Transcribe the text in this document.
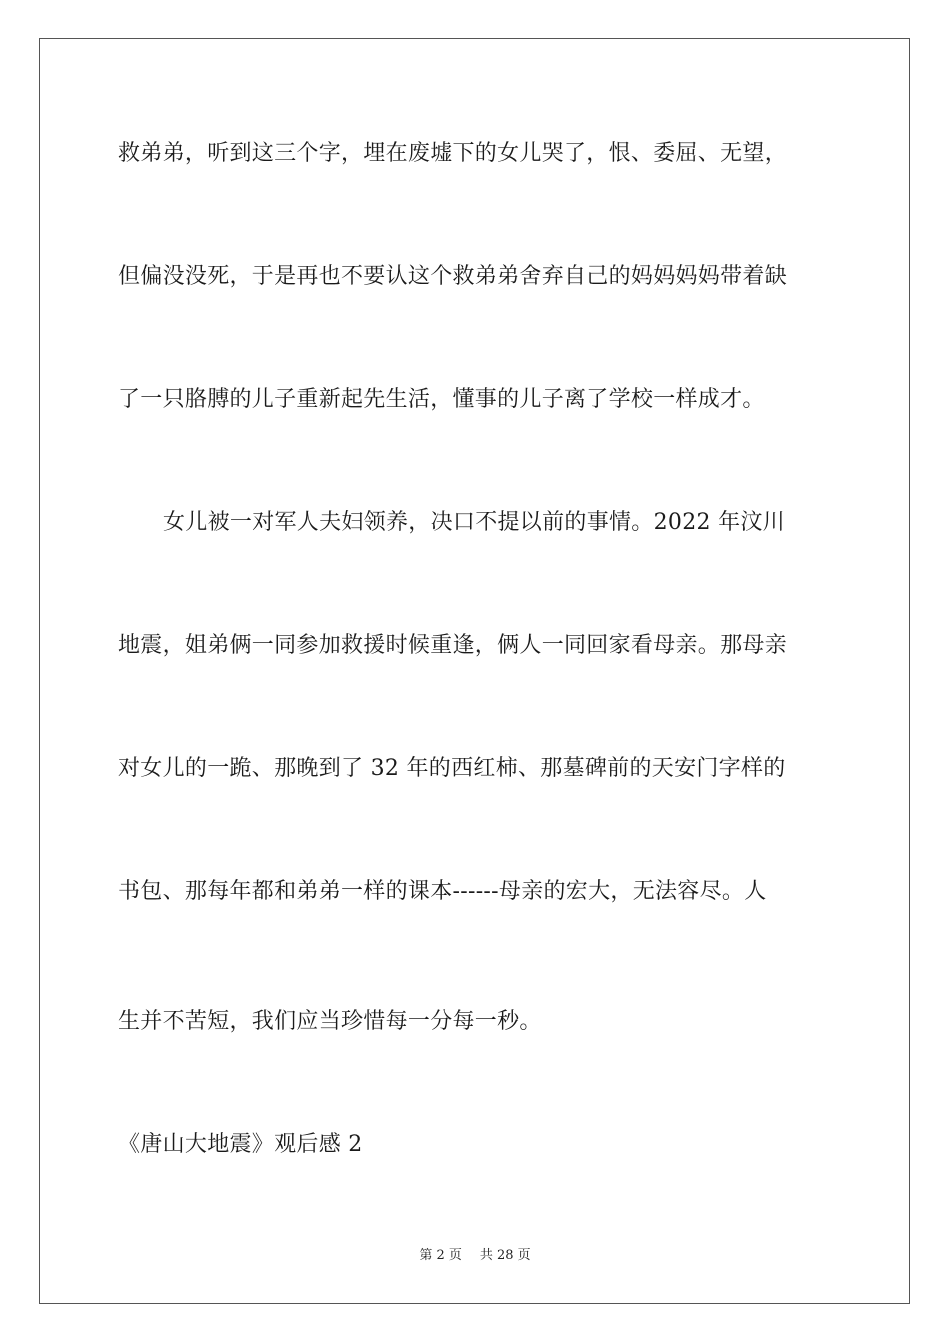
救弟弟，听到这三个字，埋在废墟下的女儿哭了，恨、委屈、无望，
但偏没没死，于是再也不要认这个救弟弟舍弃自己的妈妈妈妈带着缺
了一只胳膊的儿子重新起先生活，懂事的儿子离了学校一样成才。
女儿被一对军人夫妇领养，决口不提以前的事情。2022 年汶川
地震，姐弟俩一同参加救援时候重逢，俩人一同回家看母亲。那母亲
对女儿的一跪、那晚到了 32 年的西红柿、那墓碑前的天安门字样的
书包、那每年都和弟弟一样的课本------母亲的宏大，无法容尽。人
生并不苦短，我们应当珍惜每一分每一秒。
《唐山大地震》观后感 2
第 2 页 共 28 页
